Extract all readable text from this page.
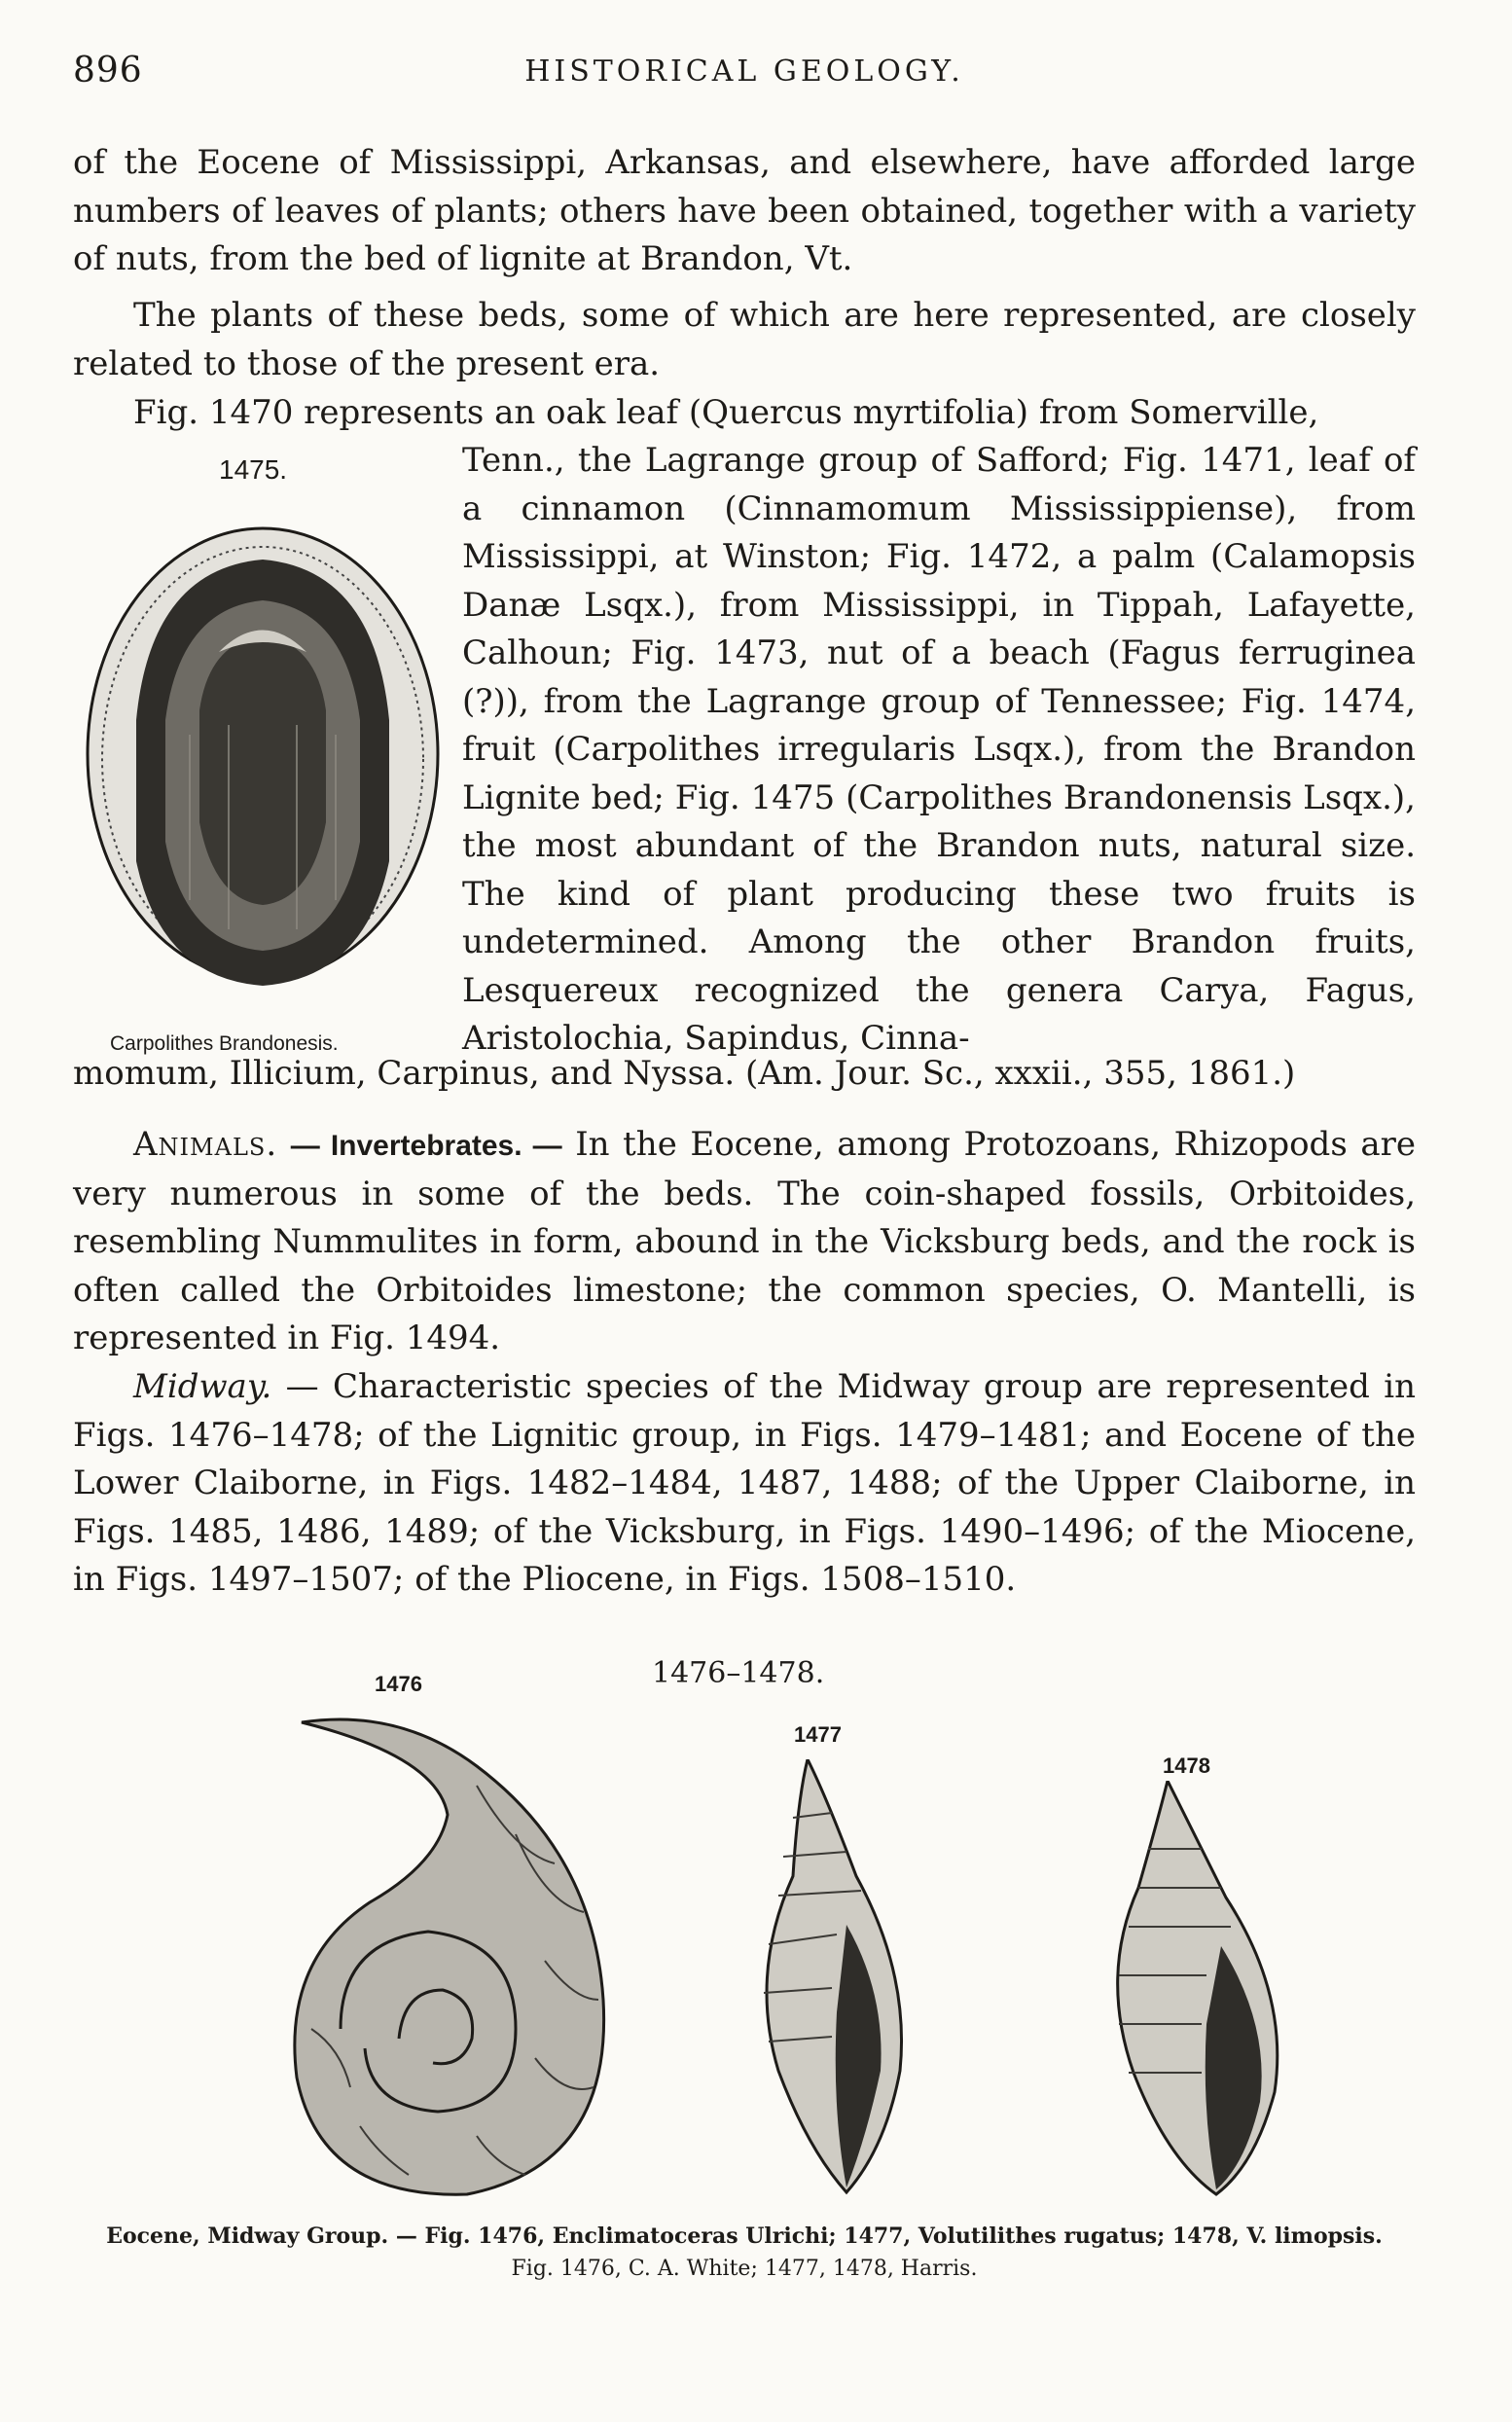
896	HISTORICAL GEOLOGY.
of the Eocene of Mississippi, Arkansas, and elsewhere, have afforded large numbers of leaves of plants; others have been obtained, together with a variety of nuts, from the bed of lignite at Brandon, Vt.
The plants of these beds, some of which are here represented, are closely related to those of the present era.
Fig. 1470 represents an oak leaf (Quercus myrtifolia) from Somerville,
1475.
Carpolithes Brandonesis.
Tenn., the Lagrange group of Safford; Fig. 1471, leaf of a cinnamon (Cinnamomum Mississippiense), from Mississippi, at Winston; Fig. 1472, a palm (Calamopsis Danæ Lsqx.), from Mississippi, in Tippah, Lafayette, Calhoun; Fig. 1473, nut of a beach (Fagus ferruginea (?)), from the Lagrange group of Tennessee; Fig. 1474, fruit (Carpolithes irregularis Lsqx.), from the Brandon Lignite bed; Fig. 1475 (Carpolithes Brandonensis Lsqx.), the most abundant of the Brandon nuts, natural size. The kind of plant producing these two fruits is undetermined. Among the other Brandon fruits, Lesquereux recognized the genera Carya, Fagus, Aristolochia, Sapindus, Cinna-
momum, Illicium, Carpinus, and Nyssa. (Am. Jour. Sc., xxxii., 355, 1861.)
Animals. — Invertebrates. — In the Eocene, among Protozoans, Rhizopods are very numerous in some of the beds. The coin-shaped fossils, Orbitoides, resembling Nummulites in form, abound in the Vicksburg beds, and the rock is often called the Orbitoides limestone; the common species, O. Mantelli, is represented in Fig. 1494.
Midway. — Characteristic species of the Midway group are represented in Figs. 1476–1478; of the Lignitic group, in Figs. 1479–1481; and Eocene of the Lower Claiborne, in Figs. 1482–1484, 1487, 1488; of the Upper Claiborne, in Figs. 1485, 1486, 1489; of the Vicksburg, in Figs. 1490–1496; of the Miocene, in Figs. 1497–1507; of the Pliocene, in Figs. 1508–1510.
1476	1476–1478.
1477
1478
Eocene, Midway Group. — Fig. 1476, Enclimatoceras Ulrichi; 1477, Volutilithes rugatus; 1478, V. limopsis.
Fig. 1476, C. A. White; 1477, 1478, Harris.
